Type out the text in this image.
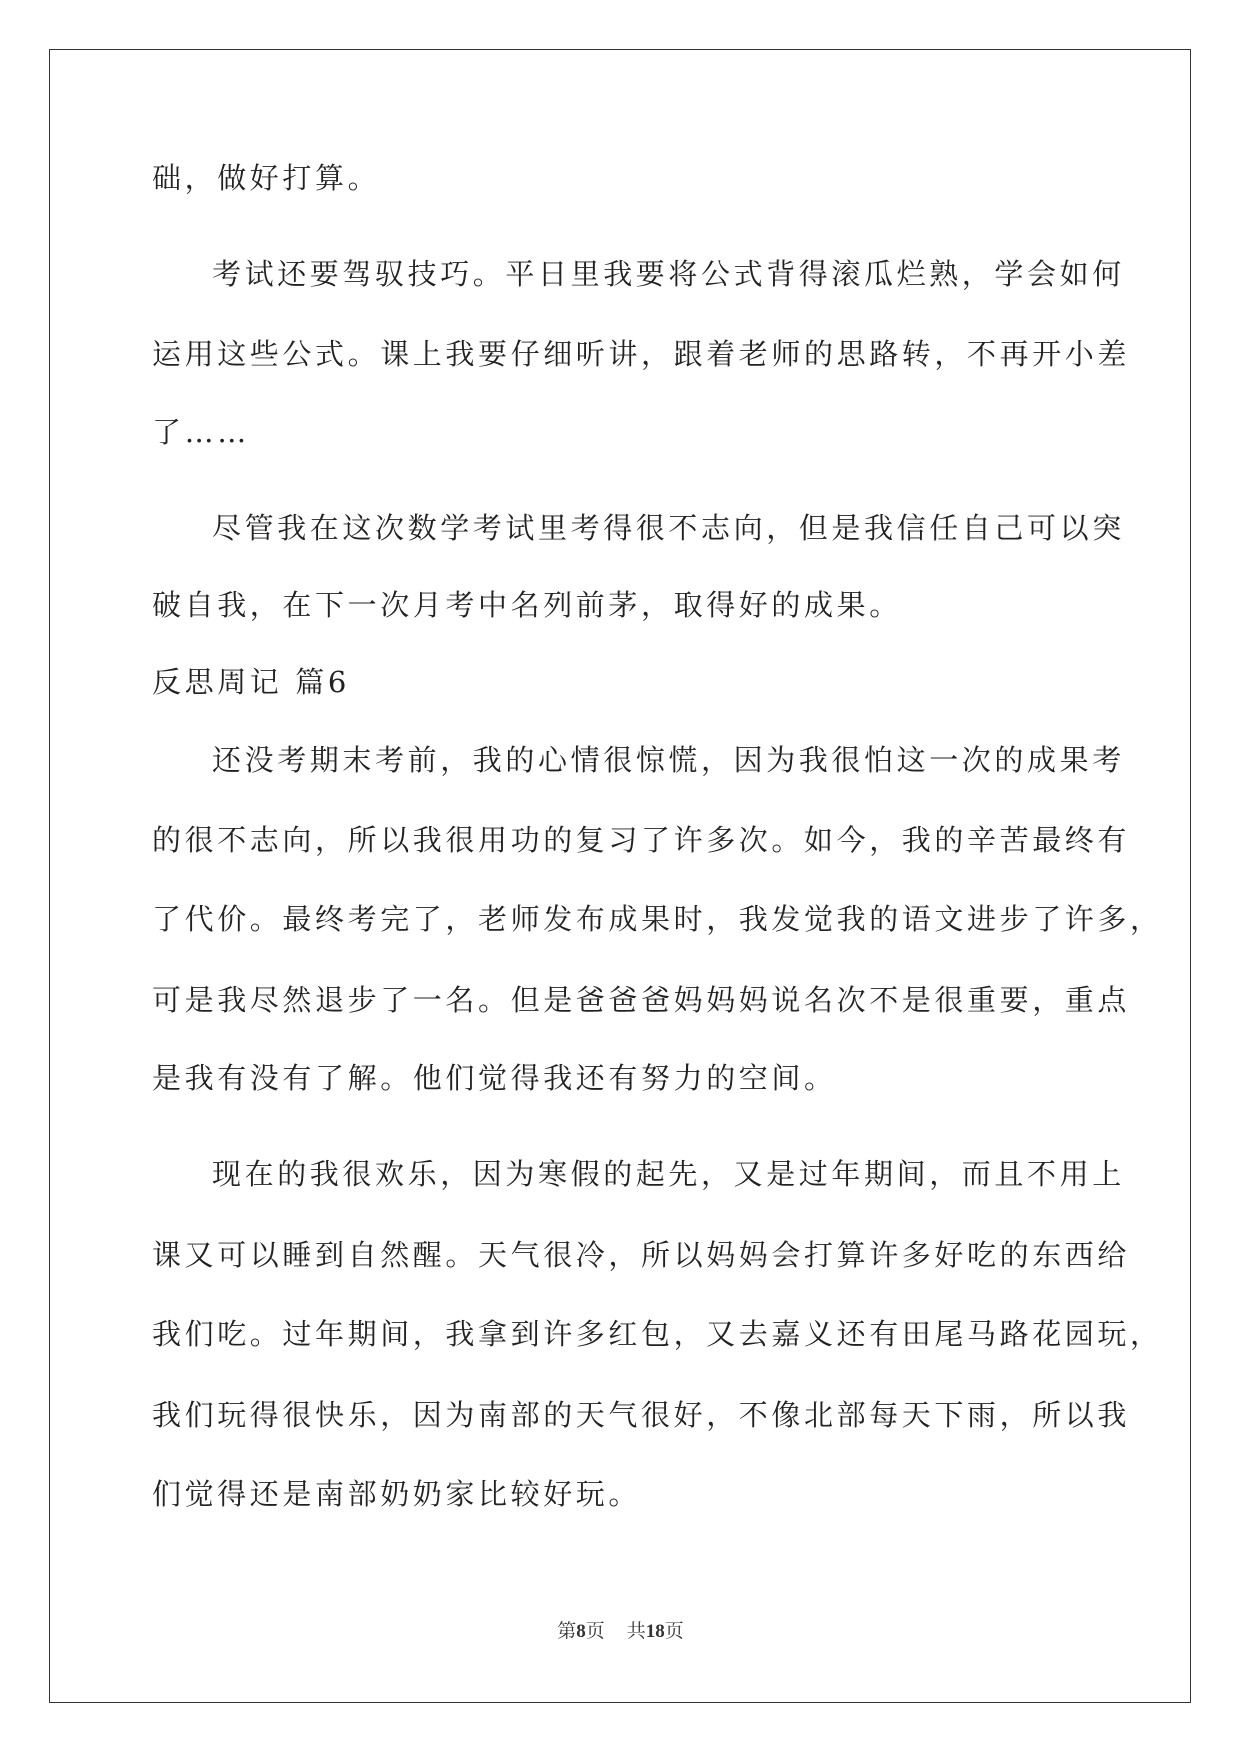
础，做好打算。
考试还要驾驭技巧。平日里我要将公式背得滚瓜烂熟，学会如何
运用这些公式。课上我要仔细听讲，跟着老师的思路转，不再开小差
了……
尽管我在这次数学考试里考得很不志向，但是我信任自己可以突
破自我，在下一次月考中名列前茅，取得好的成果。
反思周记 篇6
还没考期末考前，我的心情很惊慌，因为我很怕这一次的成果考
的很不志向，所以我很用功的复习了许多次。如今，我的辛苦最终有
了代价。最终考完了，老师发布成果时，我发觉我的语文进步了许多，
可是我尽然退步了一名。但是爸爸爸妈妈妈说名次不是很重要，重点
是我有没有了解。他们觉得我还有努力的空间。
现在的我很欢乐，因为寒假的起先，又是过年期间，而且不用上
课又可以睡到自然醒。天气很冷，所以妈妈会打算许多好吃的东西给
我们吃。过年期间，我拿到许多红包，又去嘉义还有田尾马路花园玩，
我们玩得很快乐，因为南部的天气很好，不像北部每天下雨，所以我
们觉得还是南部奶奶家比较好玩。
第8页 共18页
